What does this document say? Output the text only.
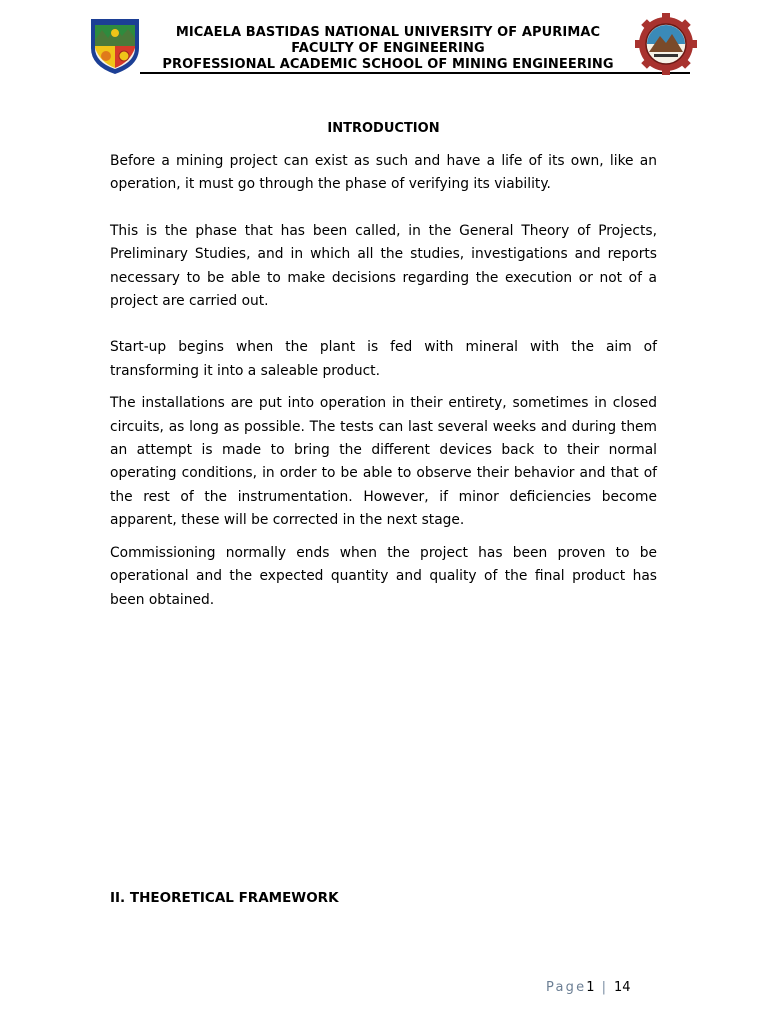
MICAELA BASTIDAS NATIONAL UNIVERSITY OF APURIMAC
FACULTY OF ENGINEERING
PROFESSIONAL ACADEMIC SCHOOL OF MINING ENGINEERING
INTRODUCTION

Before a mining project can exist as such and have a life of its own, like an operation, it must go through the phase of verifying its viability.

This is the phase that has been called, in the General Theory of Projects, Preliminary Studies, and in which all the studies, investigations and reports necessary to be able to make decisions regarding the execution or not of a project are carried out.

Start-up begins when the plant is fed with mineral with the aim of transforming it into a saleable product.

The installations are put into operation in their entirety, sometimes in closed circuits, as long as possible. The tests can last several weeks and during them an attempt is made to bring the different devices back to their normal operating conditions, in order to be able to observe their behavior and that of the rest of the instrumentation. However, if minor deficiencies become apparent, these will be corrected in the next stage.

Commissioning normally ends when the project has been proven to be operational and the expected quantity and quality of the final product has been obtained.

II. THEORETICAL FRAMEWORK
Page1 | 14
